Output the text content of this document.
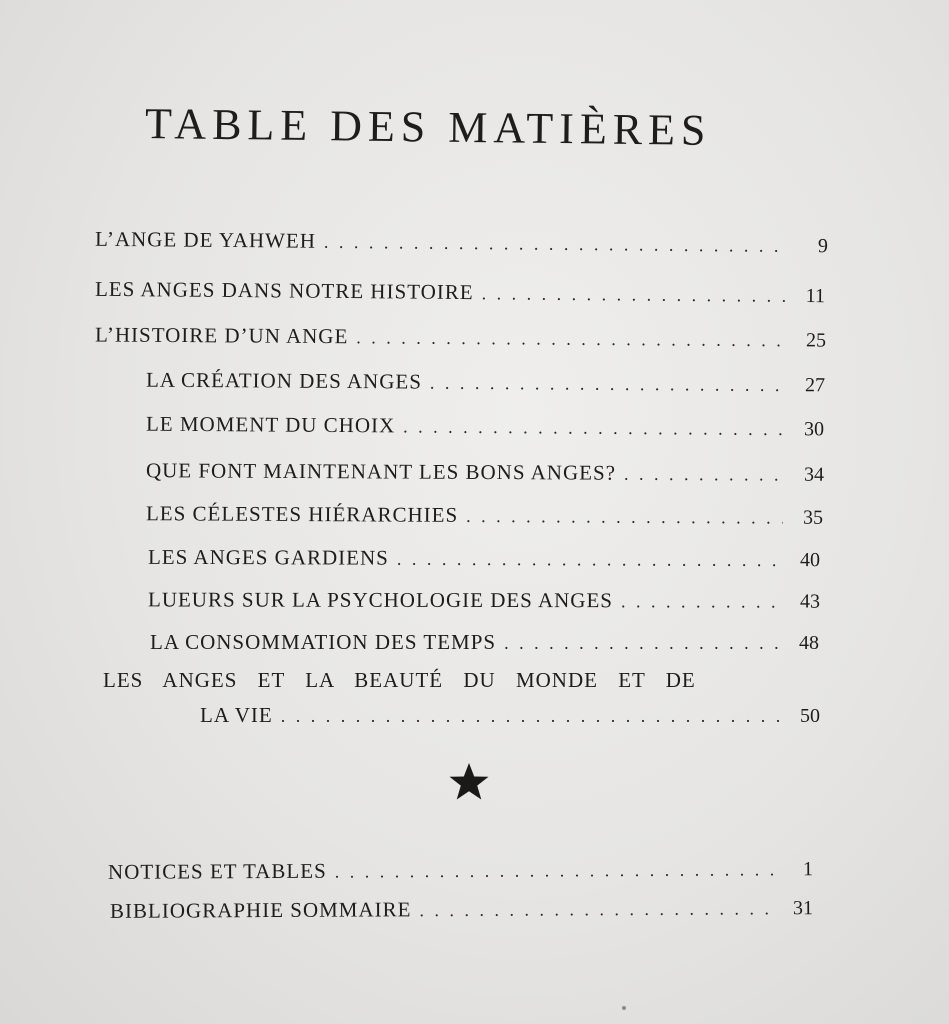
TABLE DES MATIÈRES
L’ANGE DE YAHWEH . . .	9
LES ANGES DANS NOTRE HISTOIRE . . .	11
L’HISTOIRE D’UN ANGE . . .	25
LA CRÉATION DES ANGES . . .	27
LE MOMENT DU CHOIX . . .	30
QUE FONT MAINTENANT LES BONS ANGES? . . .	34
LES CÉLESTES HIÉRARCHIES . . .	35
LES ANGES GARDIENS . . .	40
LUEURS SUR LA PSYCHOLOGIE DES ANGES . . .	43
LA CONSOMMATION DES TEMPS . . .	48
LES ANGES ET LA BEAUTÉ DU MONDE ET DE
LA VIE . . .	50
NOTICES ET TABLES . . .	1
BIBLIOGRAPHIE SOMMAIRE . . .	31
